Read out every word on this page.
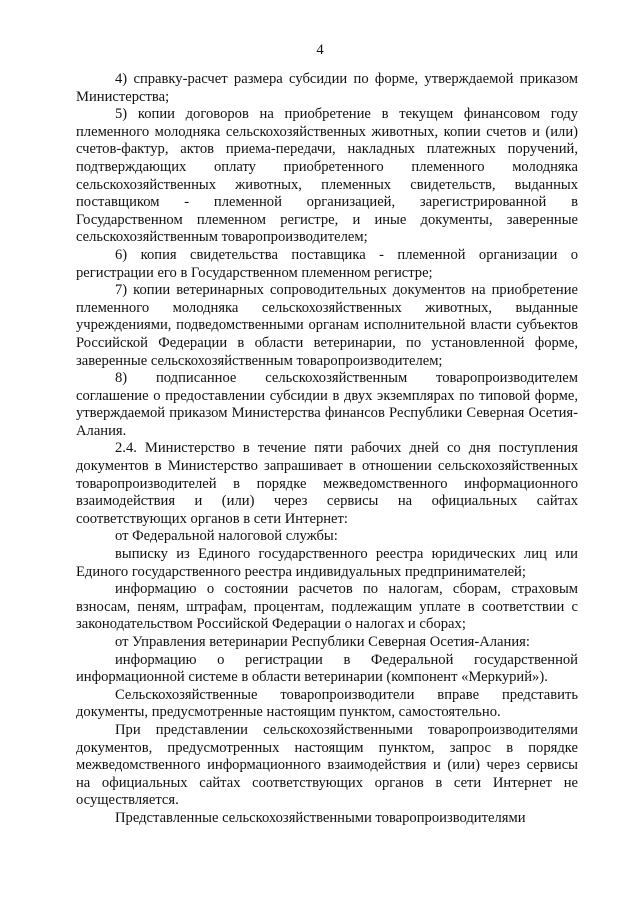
4

4) справку-расчет размера субсидии по форме, утверждаемой приказом Министерства;

5) копии договоров на приобретение в текущем финансовом году племенного молодняка сельскохозяйственных животных, копии счетов и (или) счетов-фактур, актов приема-передачи, накладных платежных поручений, подтверждающих оплату приобретенного племенного молодняка сельскохозяйственных животных, племенных свидетельств, выданных поставщиком - племенной организацией, зарегистрированной в Государственном племенном регистре, и иные документы, заверенные сельскохозяйственным товаропроизводителем;

6) копия свидетельства поставщика - племенной организации о регистрации его в Государственном племенном регистре;

7) копии ветеринарных сопроводительных документов на приобретение племенного молодняка сельскохозяйственных животных, выданные учреждениями, подведомственными органам исполнительной власти субъектов Российской Федерации в области ветеринарии, по установленной форме, заверенные сельскохозяйственным товаропроизводителем;

8) подписанное сельскохозяйственным товаропроизводителем соглашение о предоставлении субсидии в двух экземплярах по типовой форме, утверждаемой приказом Министерства финансов Республики Северная Осетия-Алания.

2.4. Министерство в течение пяти рабочих дней со дня поступления документов в Министерство запрашивает в отношении сельскохозяйственных товаропроизводителей в порядке межведомственного информационного взаимодействия и (или) через сервисы на официальных сайтах соответствующих органов в сети Интернет:

от Федеральной налоговой службы:

выписку из Единого государственного реестра юридических лиц или Единого государственного реестра индивидуальных предпринимателей;

информацию о состоянии расчетов по налогам, сборам, страховым взносам, пеням, штрафам, процентам, подлежащим уплате в соответствии с законодательством Российской Федерации о налогах и сборах;

от Управления ветеринарии Республики Северная Осетия-Алания:

информацию о регистрации в Федеральной государственной информационной системе в области ветеринарии (компонент «Меркурий»).

Сельскохозяйственные товаропроизводители вправе представить документы, предусмотренные настоящим пунктом, самостоятельно.

При представлении сельскохозяйственными товаропроизводителями документов, предусмотренных настоящим пунктом, запрос в порядке межведомственного информационного взаимодействия и (или) через сервисы на официальных сайтах соответствующих органов в сети Интернет не осуществляется.

Представленные сельскохозяйственными товаропроизводителями
